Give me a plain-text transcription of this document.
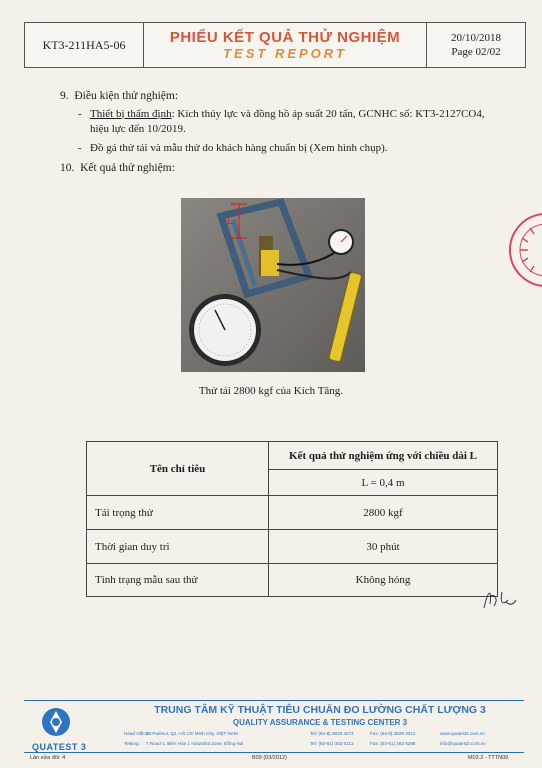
KT3-211HA5-06	PHIẾU KẾT QUẢ THỬ NGHIỆM
TEST REPORT
20/10/2018
Page 02/02
9. Điều kiện thử nghiệm:
- Thiết bị thẩm định: Kích thủy lực và đồng hồ áp suất 20 tấn, GCNHC số: KT3-2127CO4,
hiệu lực đến 10/2019.
- Đồ gá thử tải và mẫu thử do khách hàng chuẩn bị (Xem hình chụp).
10. Kết quả thử nghiệm:
L
Thử tải 2800 kgf của Kích Tăng.
Tên chỉ tiêu	Kết quả thử nghiệm ứng với chiều dài L
	L = 0,4 m
Tải trọng thử	2800 kgf
Thời gian duy trì	30 phút
Tình trạng mẫu sau thử	Không hỏng
QUATEST 3
TRUNG TÂM KỸ THUẬT TIÊU CHUẨN ĐO LƯỜNG CHẤT LƯỢNG 3
QUALITY ASSURANCE & TESTING CENTER 3
Head Office:
49 Pasteur, Q1, Hồ Chí Minh City, VIỆT NAM	Tel: (84-8) 3829 4274	Fax: (84-8) 3829 3012	www.quatest3.com.vn
Testing: 7 Road 1, Biên Hòa 1 Industrial Zone, Đồng Nai	Tel: (84-61) 383 6212	Fax: (84-61) 383 6298	info@quatest3.com.vn
Lần sửa đổi: 4	B09 (03/2012)	M03.2 - TTTN09
